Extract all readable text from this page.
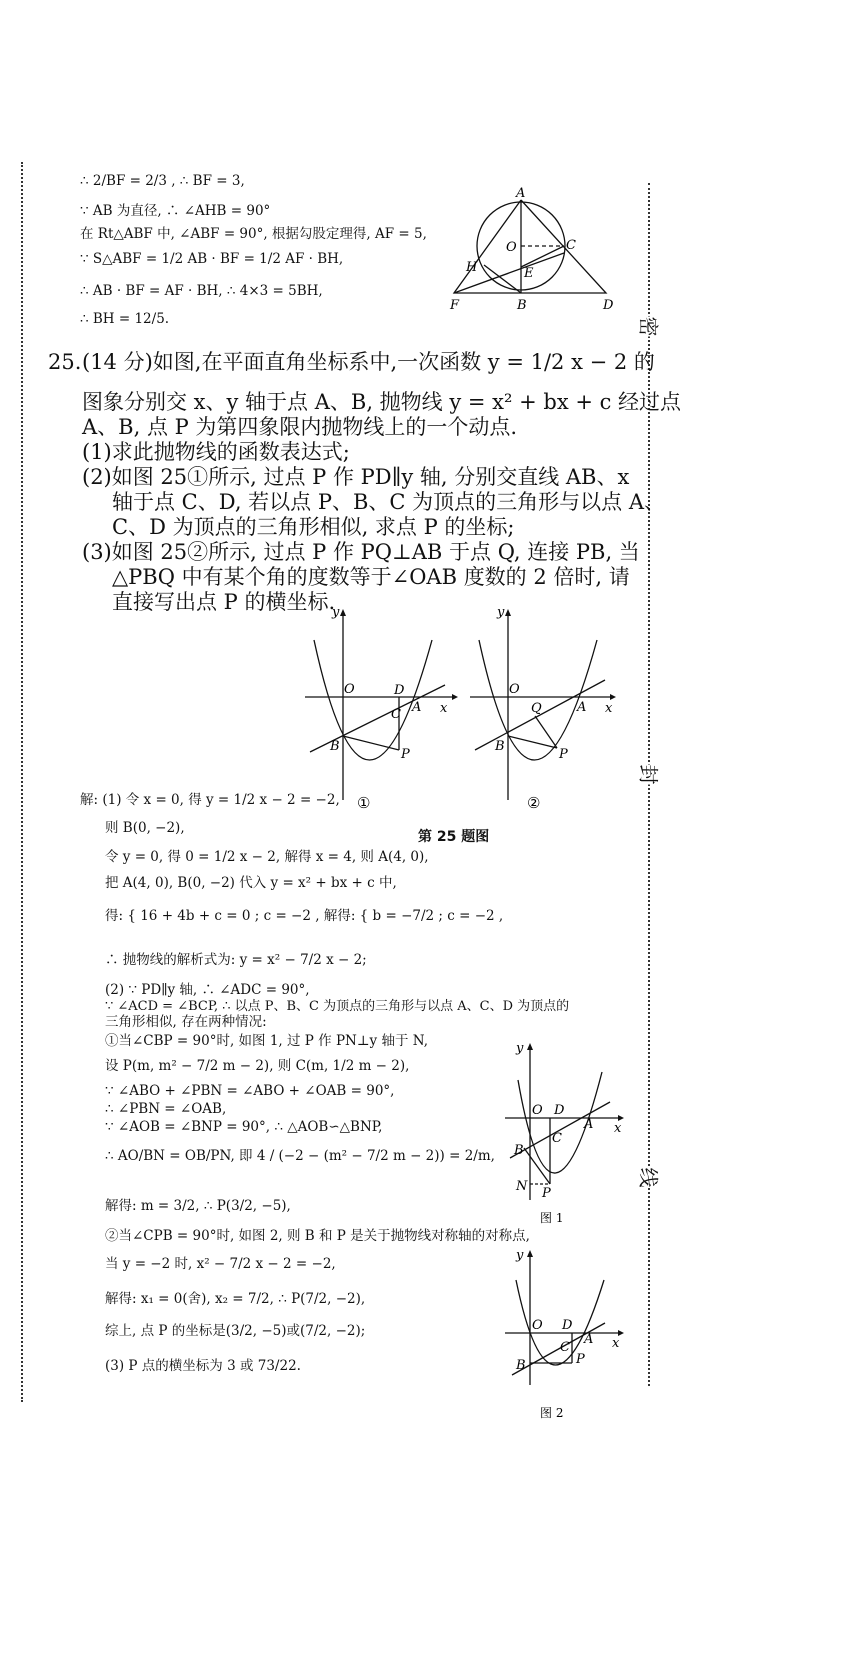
密
封
线
∴ 2/BF = 2/3 , ∴ BF = 3,
∵ AB 为直径, ∴ ∠AHB = 90°
在 Rt△ABF 中, ∠ABF = 90°, 根据勾股定理得, AF = 5,
∵ S△ABF = 1/2 AB · BF = 1/2 AF · BH,
∴ AB · BF = AF · BH, ∴ 4×3 = 5BH,
∴ BH = 12/5.
A
O	C
H	E
F	B	D
25. (14 分)如图,在平面直角坐标系中,一次函数 y = 1/2 x − 2 的
图象分别交 x、y 轴于点 A、B, 抛物线 y = x² + bx + c 经过点
A、B, 点 P 为第四象限内抛物线上的一个动点.
(1)求此抛物线的函数表达式;
(2)如图 25①所示, 过点 P 作 PD∥y 轴, 分别交直线 AB、x
轴于点 C、D, 若以点 P、B、C 为顶点的三角形与以点 A、
C、D 为顶点的三角形相似, 求点 P 的坐标;
(3)如图 25②所示, 过点 P 作 PQ⊥AB 于点 Q, 连接 PB, 当
△PBQ 中有某个角的度数等于∠OAB 度数的 2 倍时, 请
直接写出点 P 的横坐标.
y
x
O	D
C A
B
P
①
y
x
O
Q	A
B
P
②
第 25 题图
解: (1) 令 x = 0, 得 y = 1/2 x − 2 = −2,
则 B(0, −2),
令 y = 0, 得 0 = 1/2 x − 2, 解得 x = 4, 则 A(4, 0),
把 A(4, 0), B(0, −2) 代入 y = x² + bx + c 中,
得: { 16 + 4b + c = 0 ; c = −2 , 解得: { b = −7/2 ; c = −2 ,
∴ 抛物线的解析式为: y = x² − 7/2 x − 2;
(2) ∵ PD∥y 轴, ∴ ∠ADC = 90°,
∵ ∠ACD = ∠BCP, ∴ 以点 P、B、C 为顶点的三角形与以点 A、C、D 为顶点的
三角形相似, 存在两种情况:
①当∠CBP = 90°时, 如图 1, 过 P 作 PN⊥y 轴于 N,
设 P(m, m² − 7/2 m − 2), 则 C(m, 1/2 m − 2),
∵ ∠ABO + ∠PBN = ∠ABO + ∠OAB = 90°,
∴ ∠PBN = ∠OAB,
∵ ∠AOB = ∠BNP = 90°, ∴ △AOB∽△BNP,
∴ AO/BN = OB/PN, 即 4 / (−2 − (m² − 7/2 m − 2)) = 2/m,
解得: m = 3/2, ∴ P(3/2, −5),
②当∠CPB = 90°时, 如图 2, 则 B 和 P 是关于抛物线对称轴的对称点,
当 y = −2 时, x² − 7/2 x − 2 = −2,
解得: x₁ = 0(舍), x₂ = 7/2, ∴ P(7/2, −2),
综上, 点 P 的坐标是(3/2, −5)或(7/2, −2);
(3) P 点的横坐标为 3 或 73/22.
y
x
O D
C
A
B
N P
图 1
y
x
O D
C
A
B	P
图 2
